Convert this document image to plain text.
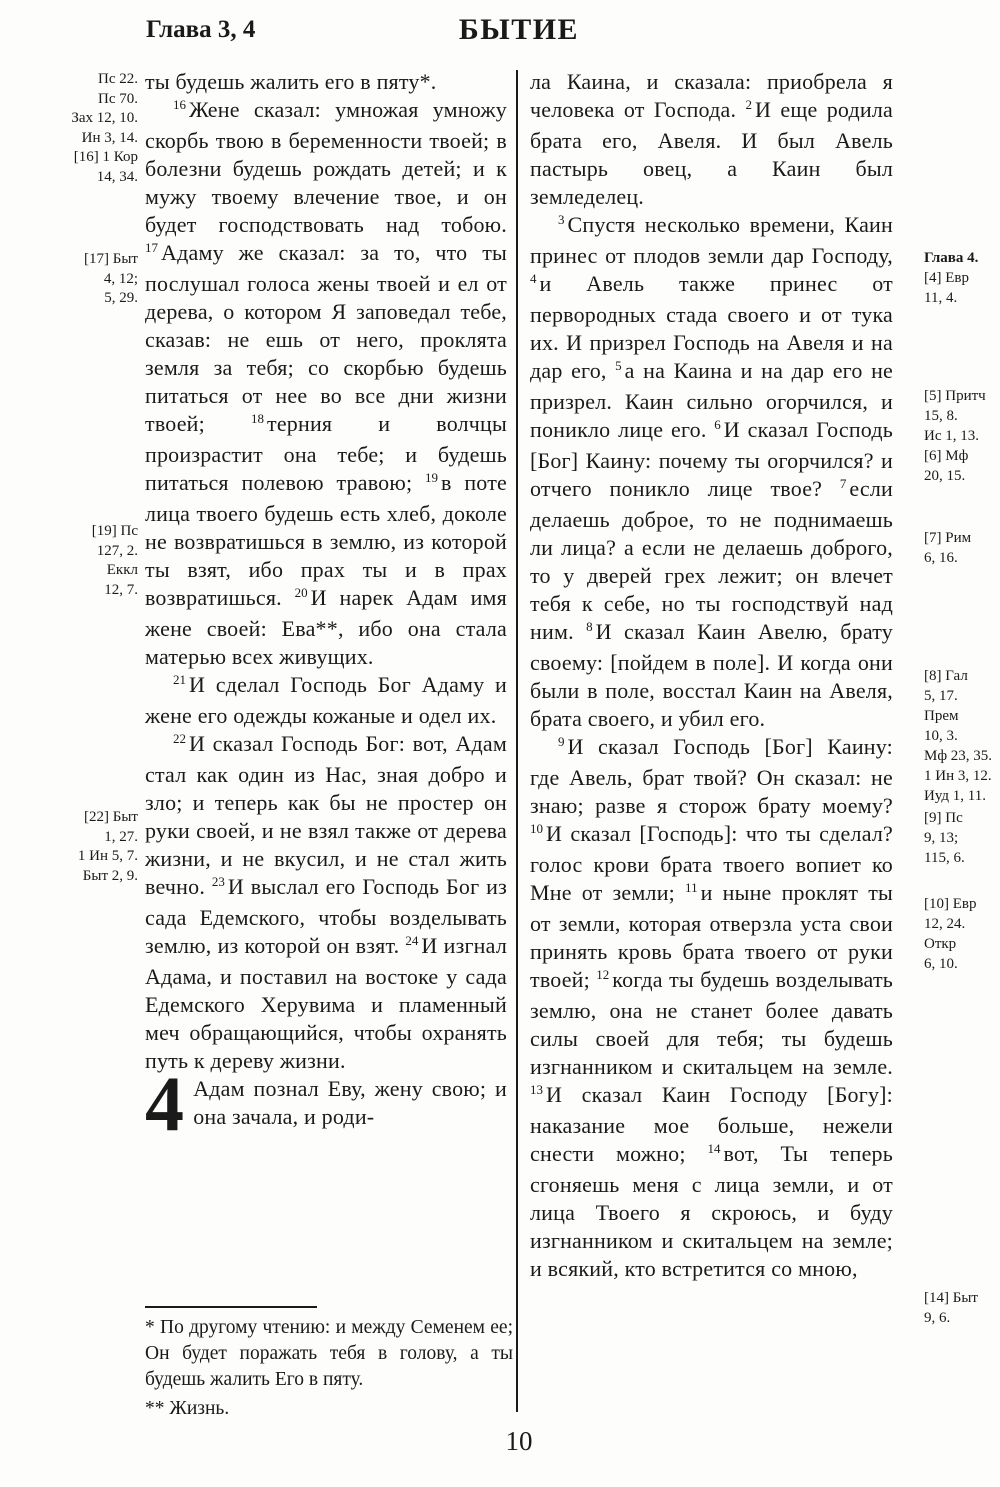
Глава 3, 4	БЫТИЕ
Пс 22.
Пс 70.
Зах 12, 10.
Ин 3, 14.
[16] 1 Кор
14, 34.
[17] Быт
4, 12;
5, 29.
[19] Пс
127, 2.
Еккл
12, 7.
[22] Быт
1, 27.
1 Ин 5, 7.
Быт 2, 9.
Глава 4.
[4] Евр
11, 4.
[5] Притч
15, 8.
Ис 1, 13.
[6] Мф
20, 15.
[7] Рим
6, 16.
[8] Гал
5, 17.
Прем
10, 3.
Мф 23, 35.
1 Ин 3, 12.
Иуд 1, 11.
[9] Пс
9, 13;
115, 6.
[10] Евр
12, 24.
Откр
6, 10.
[14] Быт
9, 6.

ты будешь жалить его в пяту*.

$^{16}$ Жене сказал: умножая умножу скорбь твою в беременности твоей; в болезни будешь рождать детей; и к мужу твоему влечение твое, и он будет господствовать над тобою. $^{17}$ Адаму же сказал: за то, что ты послушал голоса жены твоей и ел от дерева, о котором Я заповедал тебе, сказав: не ешь от него, проклята земля за тебя; со скорбью будешь питаться от нее во все дни жизни твоей; $^{18}$ терния и волчцы произрастит она тебе; и будешь питаться полевою травою; $^{19}$ в поте лица твоего будешь есть хлеб, доколе не возвратишься в землю, из которой ты взят, ибо прах ты и в прах возвратишься. $^{20}$ И нарек Адам имя жене своей: Ева**, ибо она стала матерью всех живущих.

$^{21}$ И сделал Господь Бог Адаму и жене его одежды кожаные и одел их.

$^{22}$ И сказал Господь Бог: вот, Адам стал как один из Нас, зная добро и зло; и теперь как бы не простер он руки своей, и не взял также от дерева жизни, и не вкусил, и не стал жить вечно. $^{23}$ И выслал его Господь Бог из сада Едемского, чтобы возделывать землю, из которой он взят. $^{24}$ И изгнал Адама, и поставил на востоке у сада Едемского Херувима и пламенный меч обращающийся, чтобы охранять путь к дереву жизни.

4 Адам познал Еву, жену свою; и она зачала, и роди-

ла Каина, и сказала: приобрела я человека от Господа. $^2$ И еще родила брата его, Авеля. И был Авель пастырь овец, а Каин был земледелец.

$^3$ Спустя несколько времени, Каин принес от плодов земли дар Господу, $^4$ и Авель также принес от первородных стада своего и от тука их. И призрел Господь на Авеля и на дар его, $^5$ а на Каина и на дар его не призрел. Каин сильно огорчился, и поникло лице его. $^6$ И сказал Господь [Бог] Каину: почему ты огорчился? и отчего поникло лице твое? $^7$ если делаешь доброе, то не поднимаешь ли лица? а если не делаешь доброго, то у дверей грех лежит; он влечет тебя к себе, но ты господствуй над ним. $^8$ И сказал Каин Авелю, брату своему: [пойдем в поле]. И когда они были в поле, восстал Каин на Авеля, брата своего, и убил его.

$^9$ И сказал Господь [Бог] Каину: где Авель, брат твой? Он сказал: не знаю; разве я сторож брату моему? $^{10}$ И сказал [Господь]: что ты сделал? голос крови брата твоего вопиет ко Мне от земли; $^{11}$ и ныне проклят ты от земли, которая отверзла уста свои принять кровь брата твоего от руки твоей; $^{12}$ когда ты будешь возделывать землю, она не станет более давать силы своей для тебя; ты будешь изгнанником и скитальцем на земле. $^{13}$ И сказал Каин Господу [Богу]: наказание мое больше, нежели снести можно; $^{14}$ вот, Ты теперь сгоняешь меня с лица земли, и от лица Твоего я скроюсь, и буду изгнанником и скитальцем на земле; и всякий, кто встретится со мною,

* По другому чтению: и между Семенем ее; Он будет поражать тебя в голову, а ты будешь жалить Его в пяту.

** Жизнь.

10
